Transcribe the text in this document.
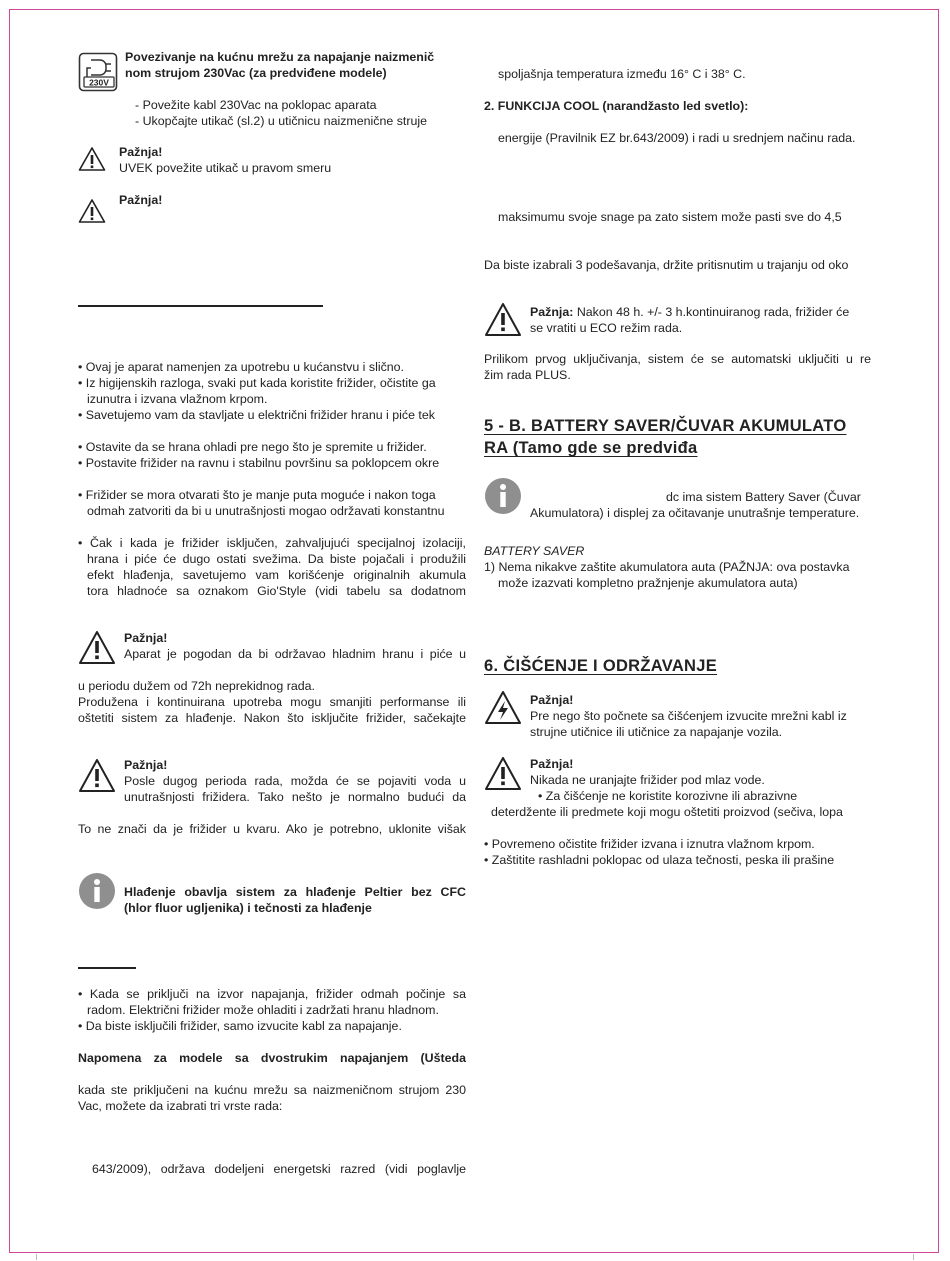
230V
Povezivanje na kućnu mrežu za napajanje naizmenič
nom strujom 230Vac (za predviđene modele)
- Povežite kabl 230Vac na poklopac aparata
- Ukopčajte utikač (sl.2) u utičnicu naizmenične struje
Pažnja!
UVEK povežite utikač u pravom smeru
Pažnja!
• Ovaj je aparat namenjen za upotrebu u kućanstvu i slično.
• Iz higijenskih razloga, svaki put kada koristite frižider, očistite ga
izunutra i izvana vlažnom krpom.
• Savetujemo vam da stavljate u električni frižider hranu i piće tek
• Ostavite da se hrana ohladi pre nego što je spremite u frižider.
• Postavite frižider na ravnu i stabilnu površinu sa poklopcem okre
• Frižider se mora otvarati što je manje puta moguće i nakon toga
odmah zatvoriti da bi u unutrašnjosti mogao održavati konstantnu
• Čak i kada je frižider isključen, zahvaljujući specijalnoj izolaciji,
hrana i piće će dugo ostati svežima. Da biste pojačali i produžili
efekt hlađenja, savetujemo vam korišćenje originalnih akumula
tora hladnoće sa oznakom Gio'Style (vidi tabelu sa dodatnom
Pažnja!
Aparat je pogodan da bi održavao hladnim hranu i piće u
u periodu dužem od 72h neprekidnog rada.
Produžena i kontinuirana upotreba mogu smanjiti performanse ili
oštetiti sistem za hlađenje. Nakon što isključite frižider, sačekajte
Pažnja!
Posle dugog perioda rada, možda će se pojaviti voda u
unutrašnjosti frižidera. Tako nešto je normalno budući da
To ne znači da je frižider u kvaru. Ako je potrebno, uklonite višak
Hlađenje obavlja sistem za hlađenje Peltier bez CFC
(hlor fluor ugljenika) i tečnosti za hlađenje
• Kada se priključi na izvor napajanja, frižider odmah počinje sa
radom. Električni frižider može ohladiti i zadržati hranu hladnom.
• Da biste isključili frižider, samo izvucite kabl za napajanje.
Napomena za modele sa dvostrukim napajanjem (Ušteda
kada ste priključeni na kućnu mrežu sa naizmeničnom strujom 230
Vac, možete da izabrati tri vrste rada:
643/2009), održava dodeljeni energetski razred (vidi poglavlje
spoljašnja temperatura između 16° C i 38° C.
2. FUNKCIJA COOL (narandžasto led svetlo):
energije (Pravilnik EZ br.643/2009) i radi u srednjem načinu rada.
maksimumu svoje snage pa zato sistem može pasti sve do 4,5
Da biste izabrali 3 podešavanja, držite pritisnutim u trajanju od oko
Pažnja: Nakon 48 h. +/- 3 h.kontinuiranog rada, frižider će
se vratiti u ECO režim rada.
Prilikom prvog uključivanja, sistem će se automatski uključiti u re
žim rada PLUS.
5 - B. BATTERY SAVER/ČUVAR AKUMULATO
RA (Tamo gde se predviđa
dc ima sistem Battery Saver (Čuvar
Akumulatora) i displej za očitavanje unutrašnje temperature.
BATTERY SAVER
1) Nema nikakve zaštite akumulatora auta (PAŽNJA: ova postavka
može izazvati kompletno pražnjenje akumulatora auta)
6. ČIŠĆENJE I ODRŽAVANJE
Pažnja!
Pre nego što počnete sa čišćenjem izvucite mrežni kabl iz
strujne utičnice ili utičnice za napajanje vozila.
Pažnja!
Nikada ne uranjajte frižider pod mlaz vode.
• Za čišćenje ne koristite korozivne ili abrazivne
deterdžente ili predmete koji mogu oštetiti proizvod (sečiva, lopa
• Povremeno očistite frižider izvana i iznutra vlažnom krpom.
• Zaštitite rashladni poklopac od ulaza tečnosti, peska ili prašine
